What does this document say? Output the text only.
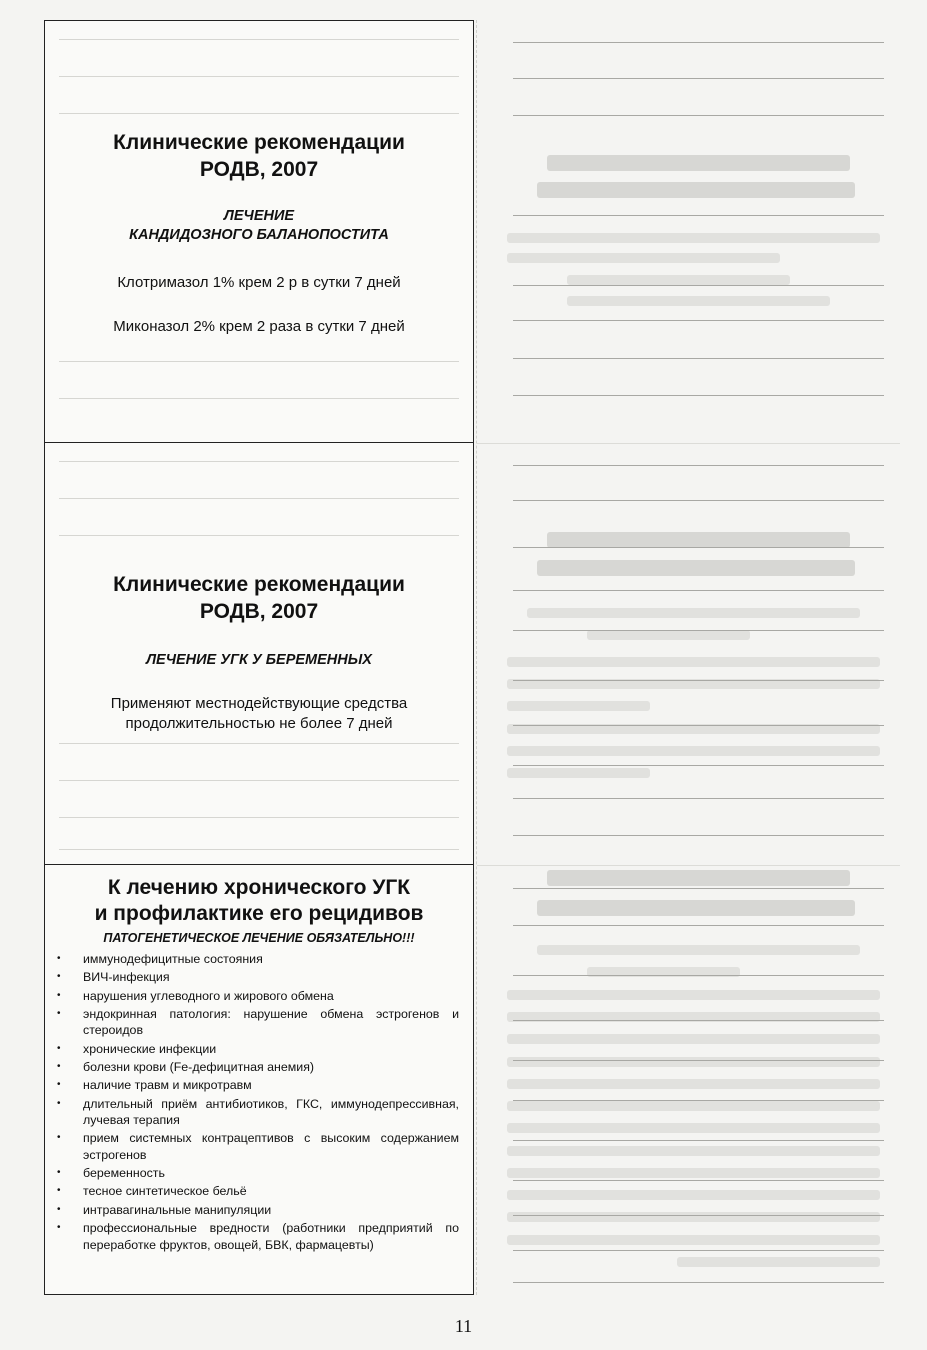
Клинические рекомендации
РОДВ, 2007
ЛЕЧЕНИЕ
КАНДИДОЗНОГО БАЛАНОПОСТИТА
Клотримазол 1% крем 2 р в сутки 7 дней
Миконазол 2% крем 2 раза в сутки 7 дней
Клинические рекомендации
РОДВ, 2007
ЛЕЧЕНИЕ УГК У БЕРЕМЕННЫХ
Применяют местнодействующие средства продолжительностью не более 7 дней
К лечению хронического УГК
и профилактике его рецидивов
ПАТОГЕНЕТИЧЕСКОЕ ЛЕЧЕНИЕ ОБЯЗАТЕЛЬНО!!!
• иммунодефицитные состояния
• ВИЧ-инфекция
• нарушения углеводного и жирового обмена
• эндокринная патология: нарушение обмена эстрогенов и стероидов
• хронические инфекции
• болезни крови (Fe-дефицитная анемия)
• наличие травм и микротравм
• длительный приём антибиотиков, ГКС, иммунодепрессивная, лучевая терапия
• прием системных контрацептивов с высоким содержанием эстрогенов
• беременность
• тесное синтетическое бельё
• интравагинальные манипуляции
• профессиональные вредности (работники предприятий по переработке фруктов, овощей, БВК, фармацевты)
11
